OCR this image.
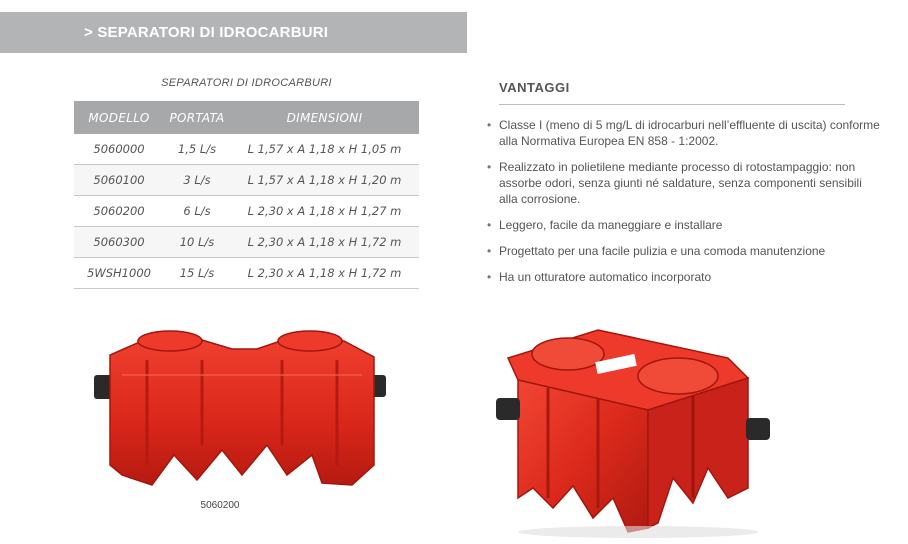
> SEPARATORI DI IDROCARBURI
SEPARATORI DI IDROCARBURI
MODELLO	PORTATA	DIMENSIONI
5060000	1,5 L/s	L 1,57 x A 1,18 x H 1,05 m
5060100	3 L/s	L 1,57 x A 1,18 x H 1,20 m
5060200	6 L/s	L 2,30 x A 1,18 x H 1,27 m
5060300	10 L/s	L 2,30 x A 1,18 x H 1,72 m
5WSH1000	15 L/s	L 2,30 x A 1,18 x H 1,72 m
VANTAGGI
• Classe I (meno di 5 mg/L di idrocarburi nell’effluente di uscita) conforme alla Normativa Europea EN 858 - 1:2002.
• Realizzato in polietilene mediante processo di rotostampaggio: non assorbe odori, senza giunti né saldature, senza componenti sensibili alla corrosione.
• Leggero, facile da maneggiare e installare
• Progettato per una facile pulizia e una comoda manutenzione
• Ha un otturatore automatico incorporato
5060200
